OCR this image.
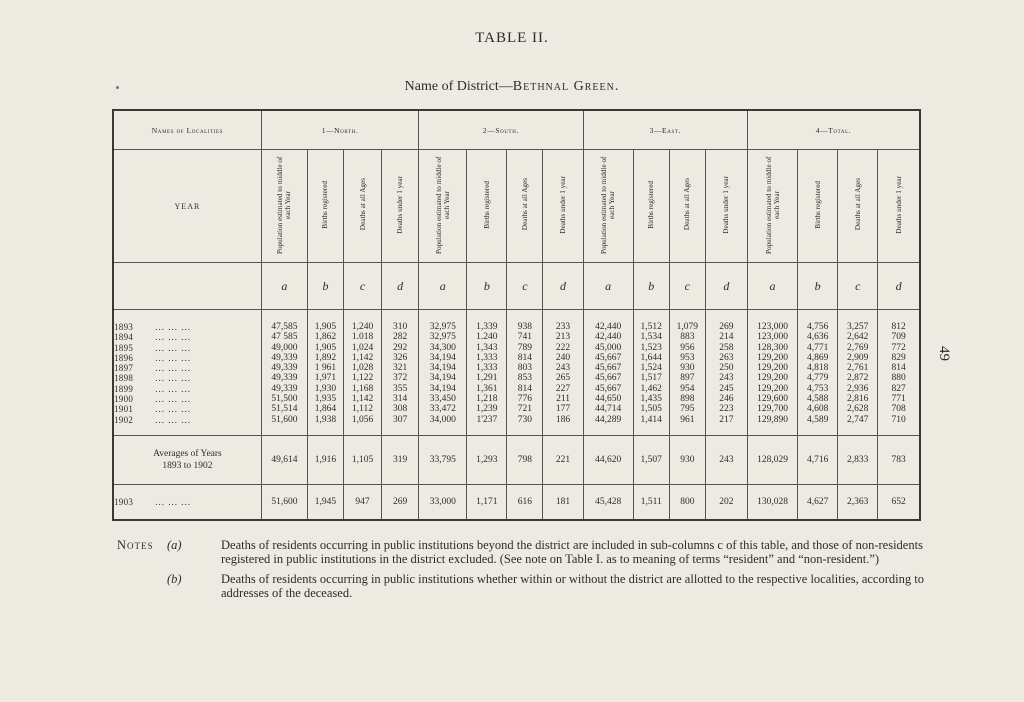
TABLE II.
Name of District—Bethnal Green.
49
Names of Localities	1—North.				2—South.				3—East.				4—Total.			
YEAR	Population estimated to middle of each Year	Births registered	Deaths at all Ages	Deaths under 1 year	Population estimated to middle of each Year	Births registered	Deaths at all Ages	Deaths under 1 year	Population estimated to middle of each Year	Births registered	Deaths at all Ages	Deaths under 1 year	Population estimated to middle of each Year	Births registered	Deaths at all Ages	Deaths under 1 year
	a	b	c	d	a	b	c	d	a	b	c	d	a	b	c	d
1893 ... ... ...	47,585	1,905	1,240	310	32,975	1,339	938	233	42,440	1,512	1,079	269	123,000	4,756	3,257	812
1894 ... ... ...	47 585	1,862	1.018	282	32,975	1.240	741	213	42,440	1,534	883	214	123,000	4,636	2,642	709
1895 ... ... ...	49,000	1,905	1,024	292	34,300	1,343	789	222	45,000	1,523	956	258	128,300	4,771	2,769	772
1896 ... ... ...	49,339	1,892	1,142	326	34,194	1,333	814	240	45,667	1,644	953	263	129,200	4,869	2,909	829
1897 ... ... ...	49,339	1 961	1,028	321	34,194	1,333	803	243	45,667	1,524	930	250	129,200	4,818	2,761	814
1898 ... ... ...	49,339	1,971	1,122	372	34,194	1,291	853	265	45,667	1,517	897	243	129,200	4,779	2,872	880
1899 ... ... ...	49,339	1,930	1,168	355	34,194	1,361	814	227	45,667	1,462	954	245	129,200	4,753	2,936	827
1900 ... ... ...	51,500	1,935	1,142	314	33,450	1,218	776	211	44,650	1,435	898	246	129,600	4,588	2,816	771
1901 ... ... ...	51,514	1,864	1,112	308	33,472	1,239	721	177	44,714	1,505	795	223	129,700	4,608	2,628	708
1902 ... ... ...	51,600	1,938	1,056	307	34,000	1'237	730	186	44,289	1,414	961	217	129,890	4,589	2,747	710

Averages of Years
1893 to 1902	49,614	1,916	1,105	319	33,795	1,293	798	221	44,620	1,507	930	243	128,029	4,716	2,833	783
1903 ... ... ...	51,600	1,945	947	269	33,000	1,171	616	181	45,428	1,511	800	202	130,028	4,627	2,363	652
Notes (a)	Deaths of residents occurring in public institutions beyond the district are included in sub-columns c of this table, and those of non-residents registered in public institutions in the district excluded. (See note on Table I. as to meaning of terms “resident” and “non-resident.”)
(b)	Deaths of residents occurring in public institutions whether within or without the district are allotted to the respective localities, according to addresses of the deceased.
